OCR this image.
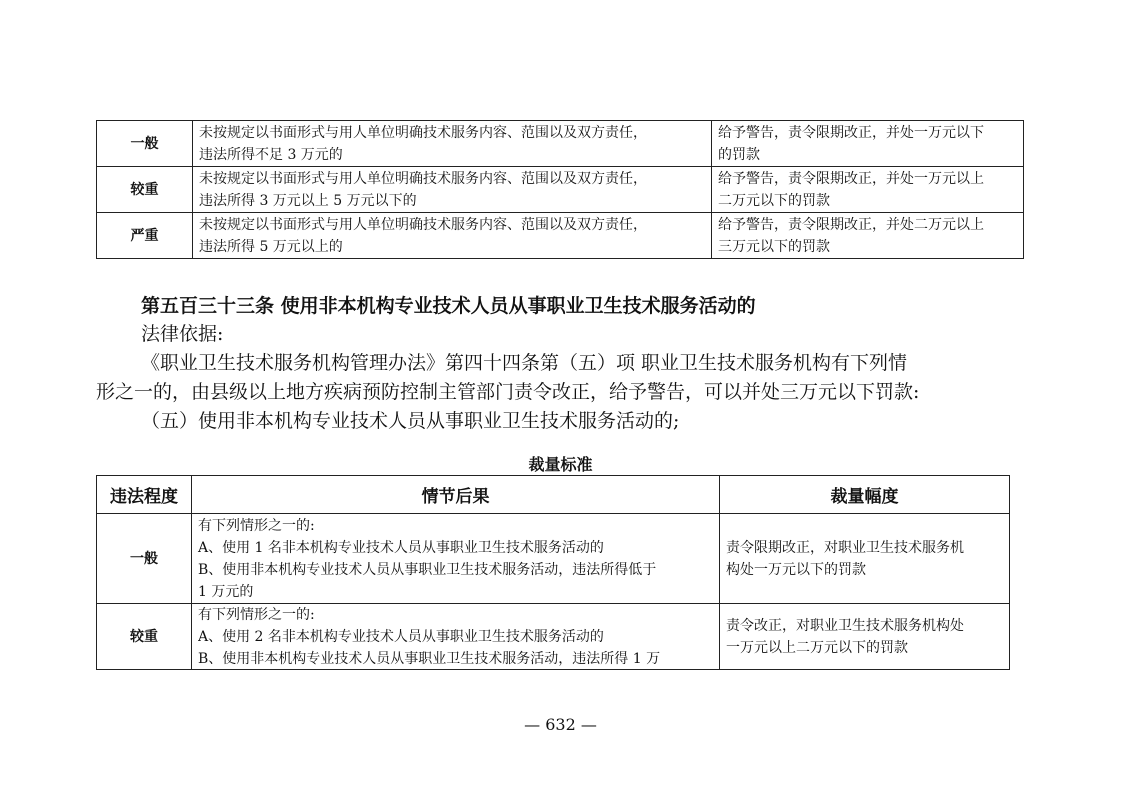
一般	未按规定以书面形式与用人单位明确技术服务内容、范围以及双方责任，
违法所得不足 3 万元的	给予警告，责令限期改正，并处一万元以下
的罚款

较重	未按规定以书面形式与用人单位明确技术服务内容、范围以及双方责任，
违法所得 3 万元以上 5 万元以下的	给予警告，责令限期改正，并处一万元以上
二万元以下的罚款

严重	未按规定以书面形式与用人单位明确技术服务内容、范围以及双方责任，
违法所得 5 万元以上的	给予警告，责令限期改正，并处二万元以上
三万元以下的罚款
第五百三十三条 使用非本机构专业技术人员从事职业卫生技术服务活动的
法律依据:
《职业卫生技术服务机构管理办法》第四十四条第（五）项 职业卫生技术服务机构有下列情
形之一的，由县级以上地方疾病预防控制主管部门责令改正，给予警告，可以并处三万元以下罚款:
（五）使用非本机构专业技术人员从事职业卫生技术服务活动的;
裁量标准
违法程度	情节后果	裁量幅度
一般	有下列情形之一的:
A、使用 1 名非本机构专业技术人员从事职业卫生技术服务活动的
B、使用非本机构专业技术人员从事职业卫生技术服务活动，违法所得低于
1 万元的	责令限期改正，对职业卫生技术服务机
构处一万元以下的罚款

较重	有下列情形之一的:
A、使用 2 名非本机构专业技术人员从事职业卫生技术服务活动的
B、使用非本机构专业技术人员从事职业卫生技术服务活动，违法所得 1 万	责令改正，对职业卫生技术服务机构处
一万元以上二万元以下的罚款
— 632 —
